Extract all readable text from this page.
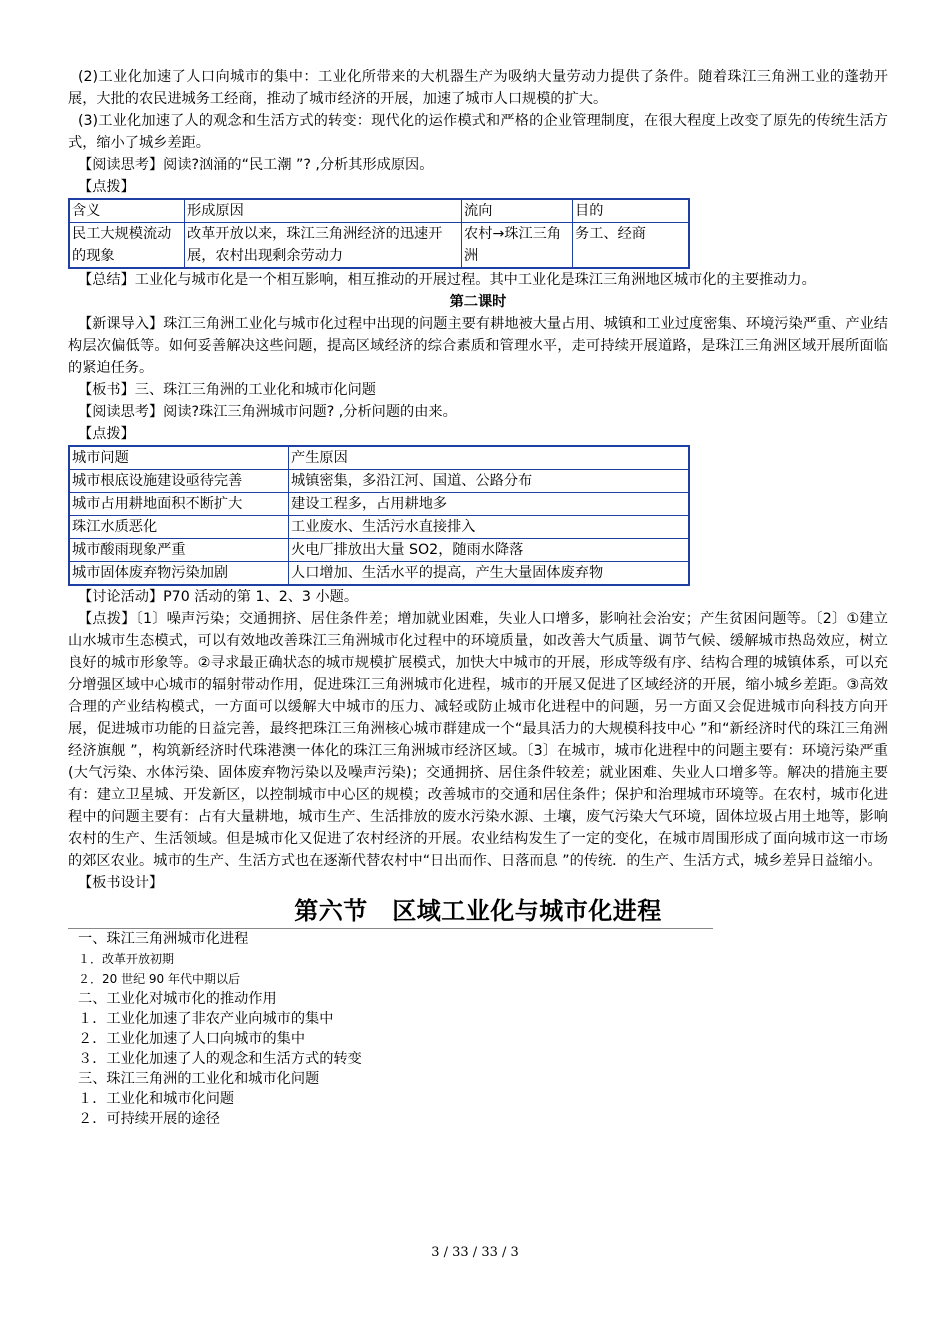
(2)工业化加速了人口向城市的集中：工业化所带来的大机器生产为吸纳大量劳动力提供了条件。随着珠江三角洲工业的蓬勃开展，大批的农民进城务工经商，推动了城市经济的开展，加速了城市人口规模的扩大。

(3)工业化加速了人的观念和生活方式的转变：现代化的运作模式和严格的企业管理制度，在很大程度上改变了原先的传统生活方式，缩小了城乡差距。

【阅读思考】阅读?汹涌的“民工潮 ”? ,分析其形成原因。

【点拨】

含义	形成原因	流向	目的
民工大规模流动的现象	改革开放以来，珠江三角洲经济的迅速开展，农村出现剩余劳动力	农村→珠江三角洲	务工、经商

【总结】工业化与城市化是一个相互影响，相互推动的开展过程。其中工业化是珠江三角洲地区城市化的主要推动力。

第二课时

【新课导入】珠江三角洲工业化与城市化过程中出现的问题主要有耕地被大量占用、城镇和工业过度密集、环境污染严重、产业结构层次偏低等。如何妥善解决这些问题，提高区域经济的综合素质和管理水平，走可持续开展道路，是珠江三角洲区域开展所面临的紧迫任务。

【板书】三、珠江三角洲的工业化和城市化问题

【阅读思考】阅读?珠江三角洲城市问题? ,分析问题的由来。

【点拨】

城市问题	产生原因
城市根底设施建设亟待完善	城镇密集，多沿江河、国道、公路分布
城市占用耕地面积不断扩大	建设工程多，占用耕地多
珠江水质恶化	工业废水、生活污水直接排入
城市酸雨现象严重	火电厂排放出大量 SO2，随雨水降落
城市固体废弃物污染加剧	人口增加、生活水平的提高，产生大量固体废弃物

【讨论活动】P70 活动的第 1、2、3 小题。

【点拨】〔1〕噪声污染；交通拥挤、居住条件差；增加就业困难，失业人口增多，影响社会治安；产生贫困问题等。〔2〕①建立山水城市生态模式，可以有效地改善珠江三角洲城市化过程中的环境质量，如改善大气质量、调节气候、缓解城市热岛效应，树立良好的城市形象等。②寻求最正确状态的城市规模扩展模式，加快大中城市的开展，形成等级有序、结构合理的城镇体系，可以充分增强区域中心城市的辐射带动作用，促进珠江三角洲城市化进程，城市的开展又促进了区域经济的开展，缩小城乡差距。③高效合理的产业结构模式，一方面可以缓解大中城市的压力、减轻或防止城市化进程中的问题，另一方面又会促进城市向科技方向开展，促进城市功能的日益完善，最终把珠江三角洲核心城市群建成一个“最具活力的大规模科技中心 ”和“新经济时代的珠江三角洲经济旗舰 ”，构筑新经济时代珠港澳一体化的珠江三角洲城市经济区域。〔3〕在城市，城市化进程中的问题主要有：环境污染严重(大气污染、水体污染、固体废弃物污染以及噪声污染)；交通拥挤、居住条件较差；就业困难、失业人口增多等。解决的措施主要有：建立卫星城、开发新区，以控制城市中心区的规模；改善城市的交通和居住条件；保护和治理城市环境等。在农村，城市化进程中的问题主要有：占有大量耕地，城市生产、生活排放的废水污染水源、土壤，废气污染大气环境，固体垃圾占用土地等，影响农村的生产、生活领域。但是城市化又促进了农村经济的开展。农业结构发生了一定的变化，在城市周围形成了面向城市这一市场的郊区农业。城市的生产、生活方式也在逐渐代替农村中“日出而作、日落而息 ”的传统．的生产、生活方式，城乡差异日益缩小。

【板书设计】

第六节　区域工业化与城市化进程

一、珠江三角洲城市化进程

１．改革开放初期

２．20 世纪 90 年代中期以后

二、工业化对城市化的推动作用

１．工业化加速了非农产业向城市的集中

２．工业化加速了人口向城市的集中

３．工业化加速了人的观念和生活方式的转变

三、珠江三角洲的工业化和城市化问题

１．工业化和城市化问题

２．可持续开展的途径

3 / 33 / 33 / 3
